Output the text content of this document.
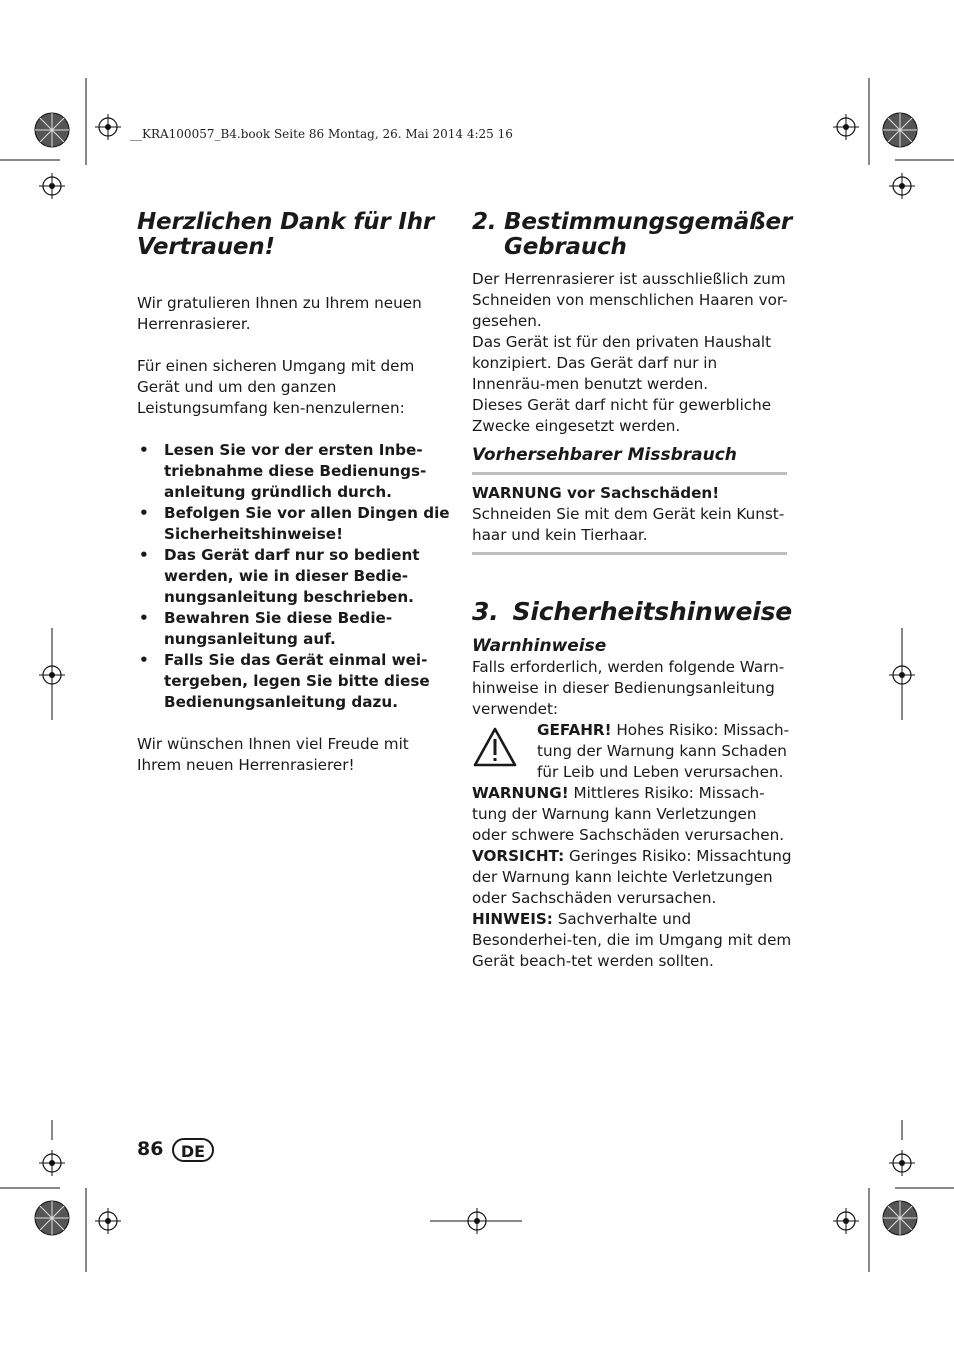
__KRA100057_B4.book Seite 86 Montag, 26. Mai 2014 4:25 16
Herzlichen Dank für Ihr Vertrauen!

Wir gratulieren Ihnen zu Ihrem neuen Herrenrasierer.

Für einen sicheren Umgang mit dem Gerät und um den ganzen Leistungsumfang ken-nenzulernen:

• Lesen Sie vor der ersten Inbe-triebnahme diese Bedienungs-anleitung gründlich durch.
• Befolgen Sie vor allen Dingen die Sicherheitshinweise!
• Das Gerät darf nur so bedient werden, wie in dieser Bedie-nungsanleitung beschrieben.
• Bewahren Sie diese Bedie-nungsanleitung auf.
• Falls Sie das Gerät einmal wei-tergeben, legen Sie bitte diese Bedienungsanleitung dazu.

Wir wünschen Ihnen viel Freude mit Ihrem neuen Herrenrasierer!

2. Bestimmungsgemäßer Gebrauch

Der Herrenrasierer ist ausschließlich zum Schneiden von menschlichen Haaren vor-gesehen.

Das Gerät ist für den privaten Haushalt konzipiert. Das Gerät darf nur in Innenräu-men benutzt werden.

Dieses Gerät darf nicht für gewerbliche Zwecke eingesetzt werden.

Vorhersehbarer Missbrauch

WARNUNG vor Sachschäden!

Schneiden Sie mit dem Gerät kein Kunst-haar und kein Tierhaar.

3. Sicherheitshinweise

Warnhinweise

Falls erforderlich, werden folgende Warn-hinweise in dieser Bedienungsanleitung verwendet:

GEFAHR! Hohes Risiko: Missach-tung der Warnung kann Schaden für Leib und Leben verursachen.

WARNUNG! Mittleres Risiko: Missach-tung der Warnung kann Verletzungen oder schwere Sachschäden verursachen.

VORSICHT: Geringes Risiko: Missachtung der Warnung kann leichte Verletzungen oder Sachschäden verursachen.

HINWEIS: Sachverhalte und Besonderhei-ten, die im Umgang mit dem Gerät beach-tet werden sollten.

86	DE
